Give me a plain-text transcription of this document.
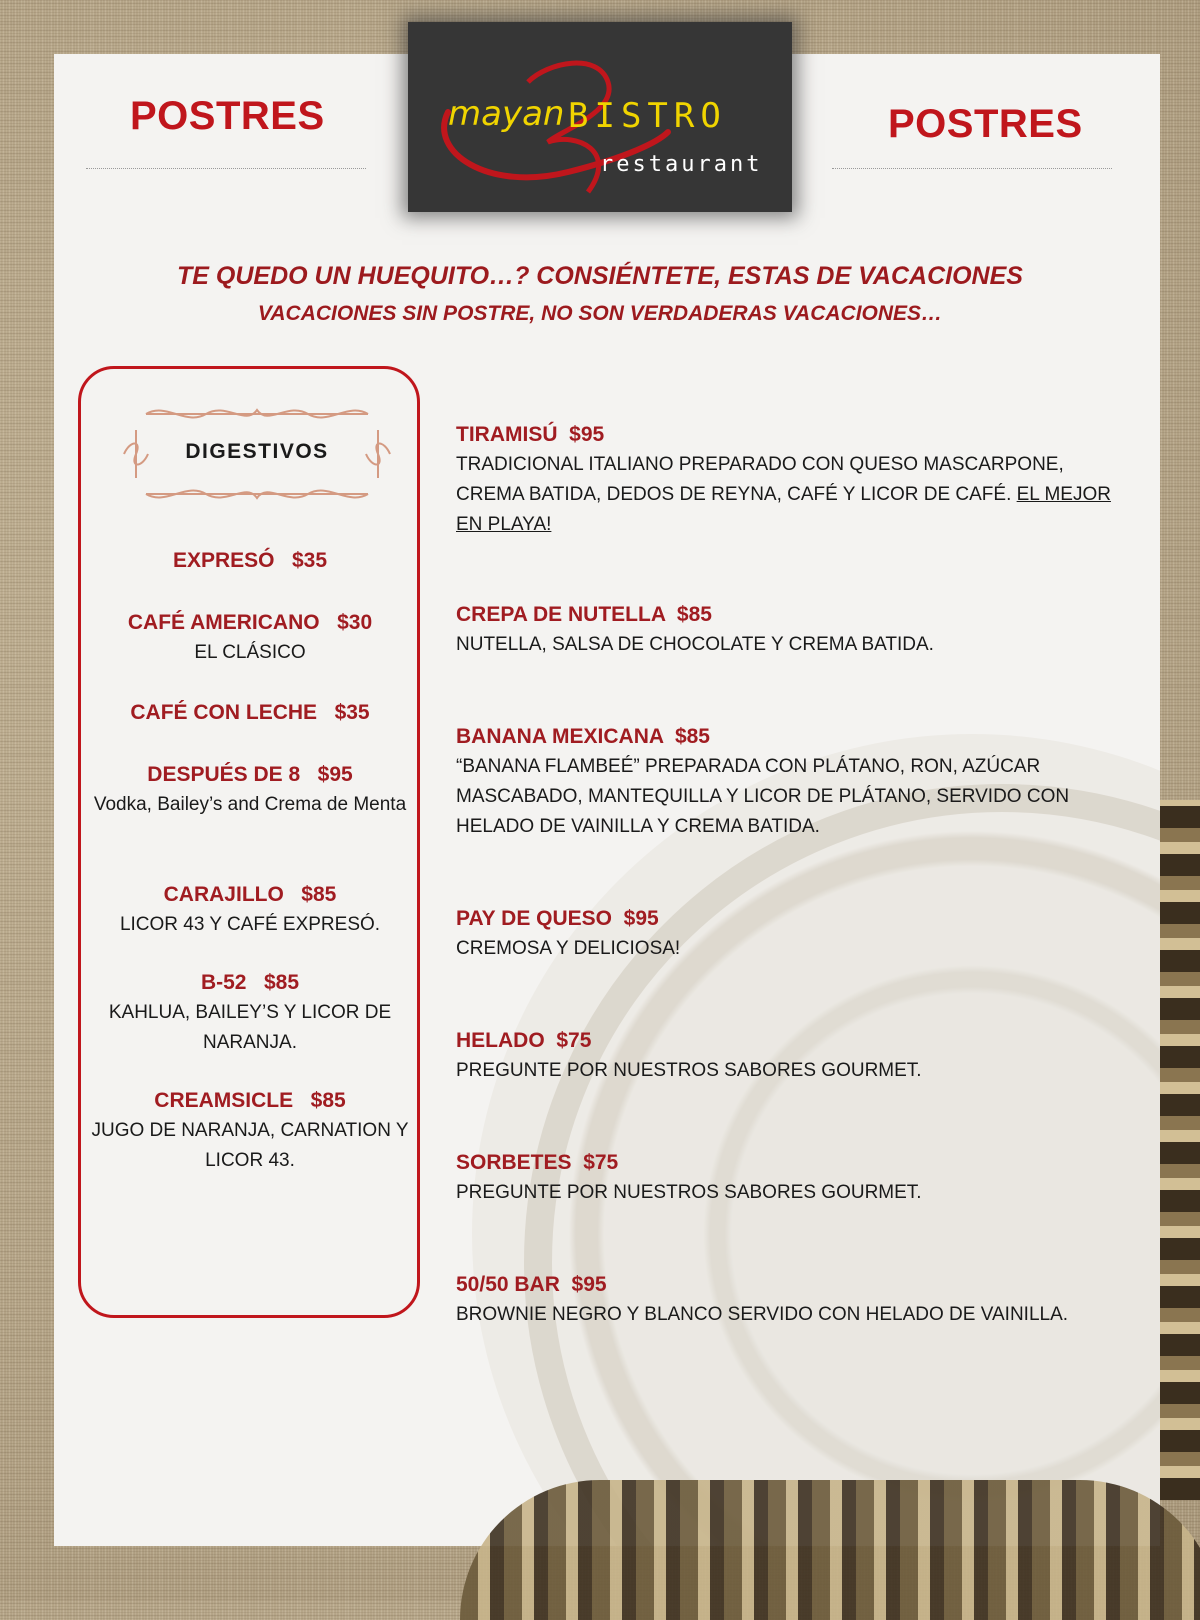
POSTRES	POSTRES
mayan BISTRO
restaurant
TE QUEDO UN HUEQUITO…? CONSIÉNTETE, ESTAS DE VACACIONES
VACACIONES SIN POSTRE, NO SON VERDADERAS VACACIONES…
DIGESTIVOS
EXPRESÓ   $35
CAFÉ AMERICANO   $30
EL CLÁSICO
CAFÉ CON LECHE   $35
DESPUÉS DE 8   $95
Vodka, Bailey’s and Crema de Menta
CARAJILLO   $85
LICOR 43 Y CAFÉ EXPRESÓ.
B-52   $85
KAHLUA, BAILEY’S Y LICOR DE NARANJA.
CREAMSICLE   $85
JUGO DE NARANJA, CARNATION Y LICOR 43.
TIRAMISÚ  $95
TRADICIONAL ITALIANO PREPARADO CON QUESO MASCARPONE, CREMA BATIDA, DEDOS DE REYNA, CAFÉ Y LICOR DE CAFÉ. EL MEJOR EN PLAYA!
CREPA DE NUTELLA  $85
NUTELLA, SALSA DE CHOCOLATE Y CREMA BATIDA.
BANANA MEXICANA  $85
“BANANA FLAMBEÉ” PREPARADA CON PLÁTANO, RON, AZÚCAR MASCABADO, MANTEQUILLA Y LICOR DE PLÁTANO, SERVIDO CON HELADO DE VAINILLA Y CREMA BATIDA.
PAY DE QUESO  $95
CREMOSA Y DELICIOSA!
HELADO  $75
PREGUNTE POR NUESTROS SABORES GOURMET.
SORBETES  $75
PREGUNTE POR NUESTROS SABORES GOURMET.
50/50 BAR  $95
BROWNIE NEGRO Y BLANCO SERVIDO CON HELADO DE VAINILLA.
